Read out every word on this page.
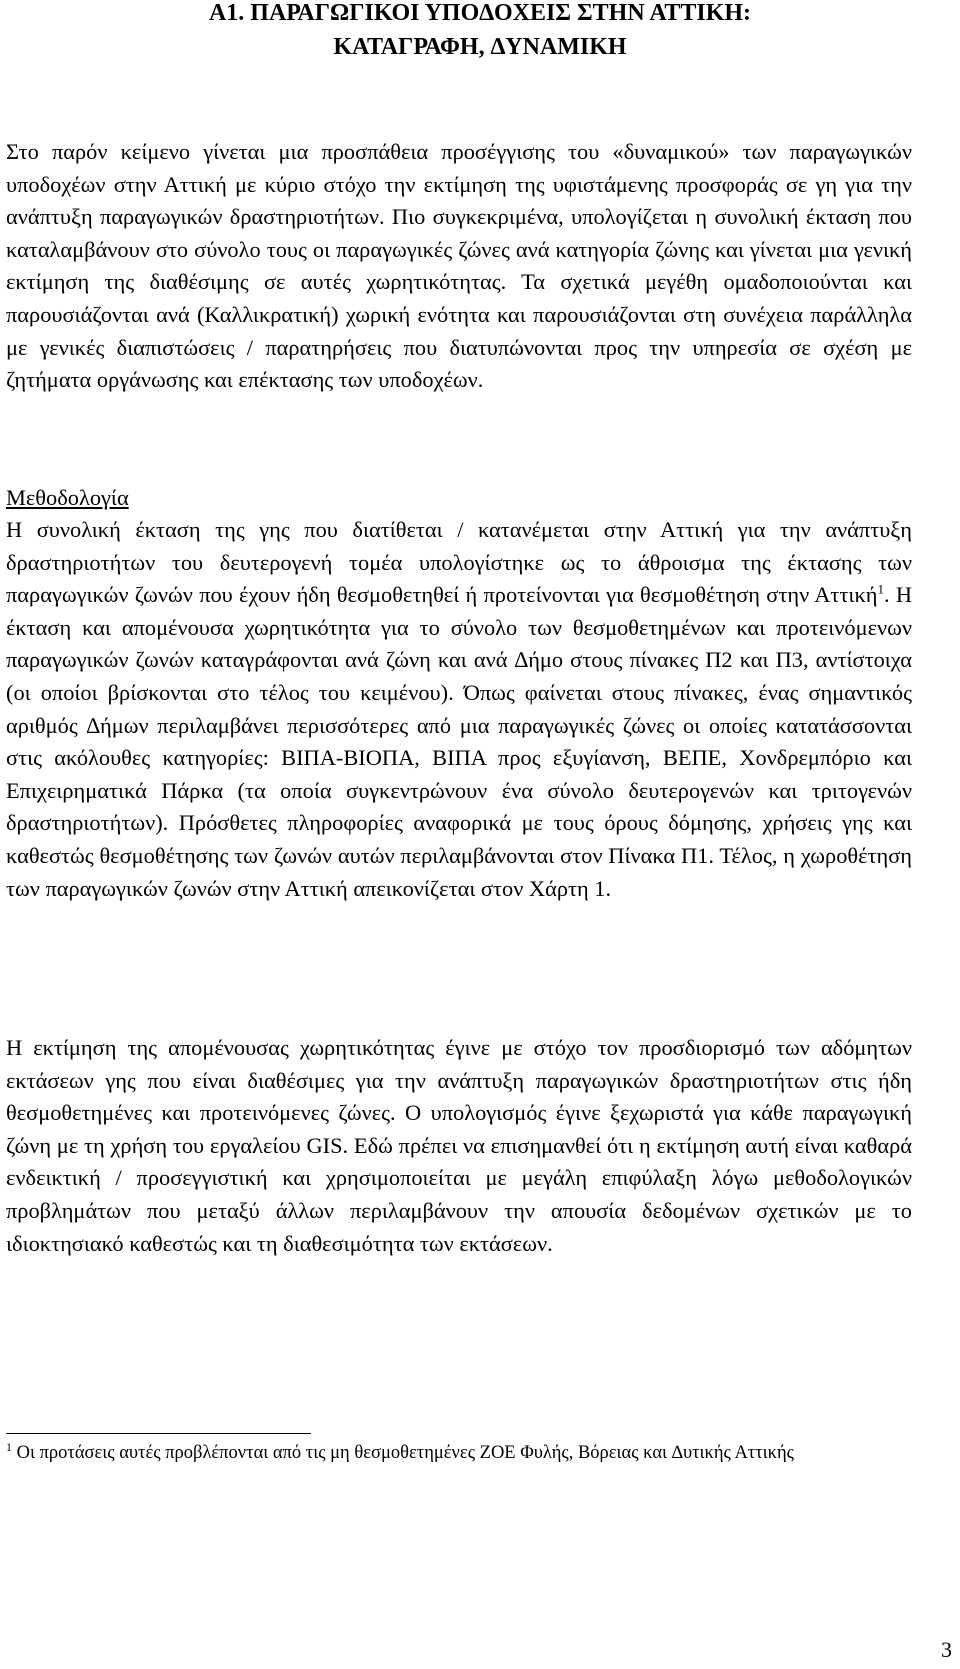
Α1. ΠΑΡΑΓΩΓΙΚΟΙ ΥΠΟ∆ΟΧΕΙΣ ΣΤΗΝ ΑΤΤΙΚΗ:
ΚΑΤΑΓΡΑΦΗ, ∆ΥΝΑΜΙΚΗ

Στο παρόν κείμενο γίνεται μια προσπάθεια προσέγγισης του «δυναμικού» των παραγωγικών υποδοχέων στην Αττική με κύριο στόχο την εκτίμηση της υφιστάμενης προσφοράς σε γη για την ανάπτυξη παραγωγικών δραστηριοτήτων. Πιο συγκεκριμένα, υπολογίζεται η συνολική έκταση που καταλαμβάνουν στο σύνολο τους οι παραγωγικές ζώνες ανά κατηγορία ζώνης και γίνεται μια γενική εκτίμηση της διαθέσιμης σε αυτές χωρητικότητας. Τα σχετικά μεγέθη ομαδοποιούνται και παρουσιάζονται ανά (Καλλικρατική) χωρική ενότητα και παρουσιάζονται στη συνέχεια παράλληλα με γενικές διαπιστώσεις / παρατηρήσεις που διατυπώνονται προς την υπηρεσία σε σχέση με ζητήματα οργάνωσης και επέκτασης των υποδοχέων.

Μεθοδολογία

Η συνολική έκταση της γης που διατίθεται / κατανέμεται στην Αττική για την ανάπτυξη δραστηριοτήτων του δευτερογενή τομέα υπολογίστηκε ως το άθροισμα της έκτασης των παραγωγικών ζωνών που έχουν ήδη θεσμοθετηθεί ή προτείνονται για θεσμοθέτηση στην Αττική$^1$. Η έκταση και απομένουσα χωρητικότητα για το σύνολο των θεσμοθετημένων και προτεινόμενων παραγωγικών ζωνών καταγράφονται ανά ζώνη και ανά ∆ήμο στους πίνακες Π2 και Π3, αντίστοιχα (οι οποίοι βρίσκονται στο τέλος του κειμένου). Όπως φαίνεται στους πίνακες, ένας σημαντικός αριθμός ∆ήμων περιλαμβάνει περισσότερες από μια παραγωγικές ζώνες οι οποίες κατατάσσονται στις ακόλουθες κατηγορίες: ΒΙΠΑ-ΒΙΟΠΑ, ΒΙΠΑ προς εξυγίανση, ΒΕΠΕ, Χονδρεμπόριο και Επιχειρηματικά Πάρκα (τα οποία συγκεντρώνουν ένα σύνολο δευτερογενών και τριτογενών δραστηριοτήτων). Πρόσθετες πληροφορίες αναφορικά με τους όρους δόμησης, χρήσεις γης και καθεστώς θεσμοθέτησης των ζωνών αυτών περιλαμβάνονται στον Πίνακα Π1. Τέλος, η χωροθέτηση των παραγωγικών ζωνών στην Αττική απεικονίζεται στον Χάρτη 1.

Η εκτίμηση της απομένουσας χωρητικότητας έγινε με στόχο τον προσδιορισμό των αδόμητων εκτάσεων γης που είναι διαθέσιμες για την ανάπτυξη παραγωγικών δραστηριοτήτων στις ήδη θεσμοθετημένες και προτεινόμενες ζώνες. Ο υπολογισμός έγινε ξεχωριστά για κάθε παραγωγική ζώνη με τη χρήση του εργαλείου GIS. Εδώ πρέπει να επισημανθεί ότι η εκτίμηση αυτή είναι καθαρά ενδεικτική / προσεγγιστική και χρησιμοποιείται με μεγάλη επιφύλαξη λόγω μεθοδολογικών προβλημάτων που μεταξύ άλλων περιλαμβάνουν την απουσία δεδομένων σχετικών με το ιδιοκτησιακό καθεστώς και τη διαθεσιμότητα των εκτάσεων.

$^1$ Οι προτάσεις αυτές προβλέπονται από τις μη θεσμοθετημένες ΖΟΕ Φυλής, Βόρειας και ∆υτικής Αττικής

3
